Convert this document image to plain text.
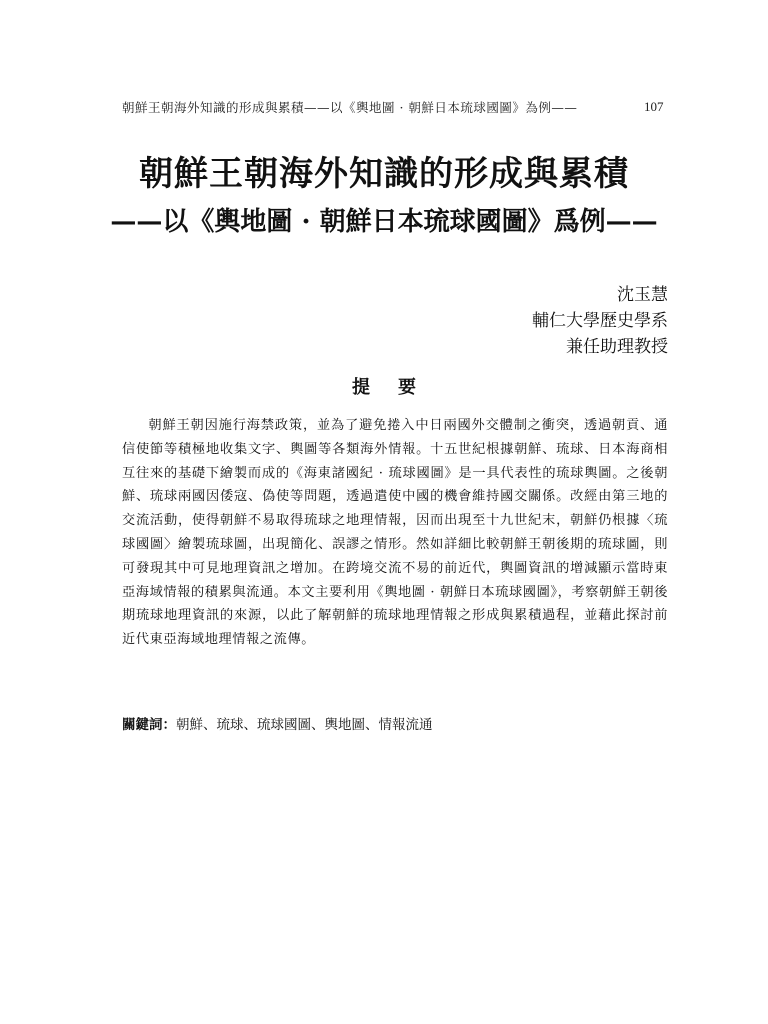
朝鮮王朝海外知識的形成與累積——以《輿地圖 · 朝鮮日本琉球國圖》為例——	107
朝鮮王朝海外知識的形成與累積
——以《輿地圖 · 朝鮮日本琉球國圖》爲例——
沈玉慧
輔仁大學歷史學系
兼任助理教授
提要

朝鮮王朝因施行海禁政策，並為了避免捲入中日兩國外交體制之衝突，透過朝貢、通信使節等積極地收集文字、輿圖等各類海外情報。十五世紀根據朝鮮、琉球、日本海商相互往來的基礎下繪製而成的《海東諸國紀 · 琉球國圖》是一具代表性的琉球輿圖。之後朝鮮、琉球兩國因倭寇、偽使等問題，透過遣使中國的機會維持國交關係。改經由第三地的交流活動，使得朝鮮不易取得琉球之地理情報，因而出現至十九世紀末，朝鮮仍根據〈琉球國圖〉繪製琉球圖，出現簡化、誤謬之情形。然如詳細比較朝鮮王朝後期的琉球圖，則可發現其中可見地理資訊之增加。在跨境交流不易的前近代，輿圖資訊的增減顯示當時東亞海域情報的積累與流通。本文主要利用《輿地圖 · 朝鮮日本琉球國圖》，考察朝鮮王朝後期琉球地理資訊的來源，以此了解朝鮮的琉球地理情報之形成與累積過程，並藉此探討前近代東亞海域地理情報之流傳。

關鍵詞：朝鮮、琉球、琉球國圖、輿地圖、情報流通
